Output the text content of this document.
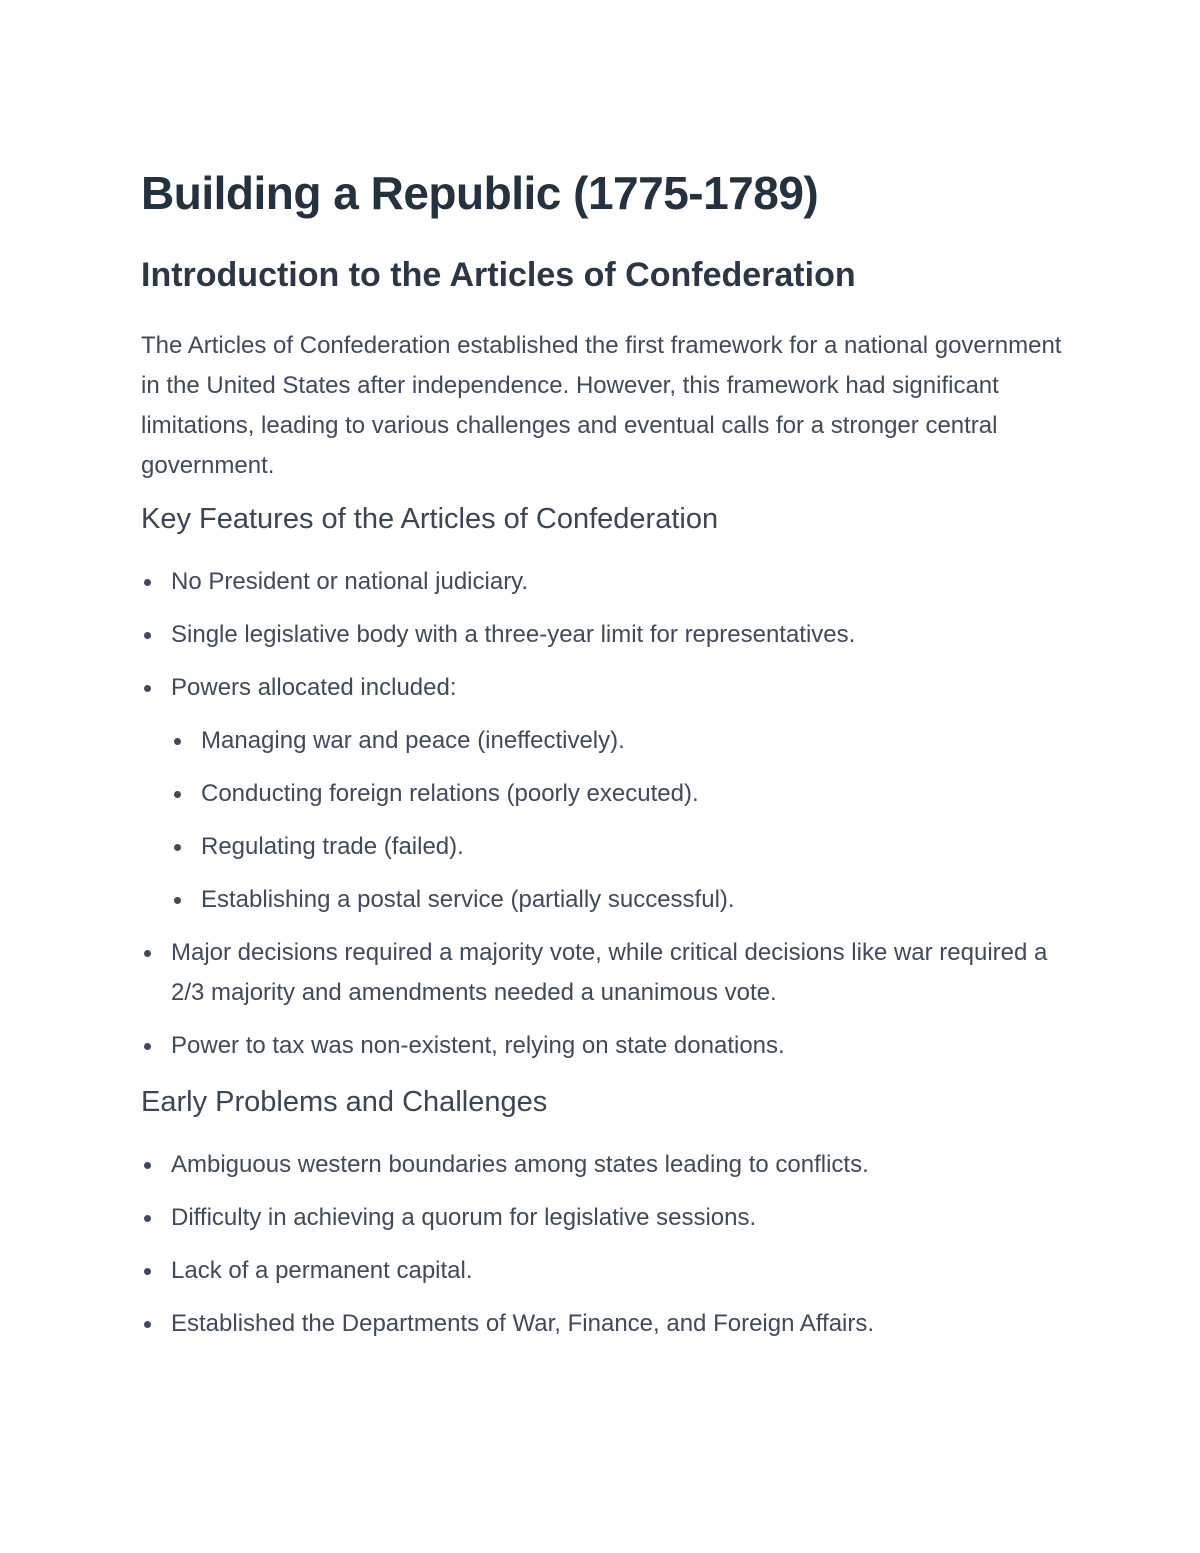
Building a Republic (1775-1789)
Introduction to the Articles of Confederation

The Articles of Confederation established the first framework for a national government in the United States after independence. However, this framework had significant limitations, leading to various challenges and eventual calls for a stronger central government.

Key Features of the Articles of Confederation
No President or national judiciary.
Single legislative body with a three-year limit for representatives.
Powers allocated included:
Managing war and peace (ineffectively).
Conducting foreign relations (poorly executed).
Regulating trade (failed).
Establishing a postal service (partially successful).
Major decisions required a majority vote, while critical decisions like war required a 2/3 majority and amendments needed a unanimous vote.
Power to tax was non-existent, relying on state donations.
Early Problems and Challenges
Ambiguous western boundaries among states leading to conflicts.
Difficulty in achieving a quorum for legislative sessions.
Lack of a permanent capital.
Established the Departments of War, Finance, and Foreign Affairs.
